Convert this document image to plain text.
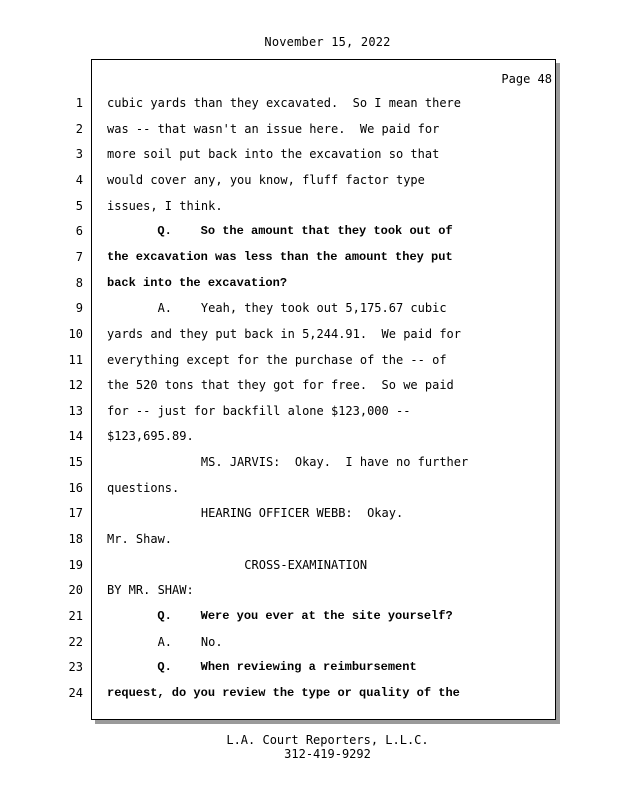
November 15, 2022
Page 48
1 cubic yards than they excavated.  So I mean there
2 was -- that wasn't an issue here.  We paid for
3 more soil put back into the excavation so that
4 would cover any, you know, fluff factor type
5 issues, I think.
6 Q.    So the amount that they took out of
7 the excavation was less than the amount they put
8 back into the excavation?
9 A.    Yeah, they took out 5,175.67 cubic
10 yards and they put back in 5,244.91.  We paid for
11 everything except for the purchase of the -- of
12 the 520 tons that they got for free.  So we paid
13 for -- just for backfill alone $123,000 --
14 $123,695.89.
15 MS. JARVIS:  Okay.  I have no further
16 questions.
17 HEARING OFFICER WEBB:  Okay.
18 Mr. Shaw.
19 CROSS-EXAMINATION
20 BY MR. SHAW:
21 Q.    Were you ever at the site yourself?
22 A.    No.
23 Q.    When reviewing a reimbursement
24 request, do you review the type or quality of the
L.A. Court Reporters, L.L.C.
312-419-9292
